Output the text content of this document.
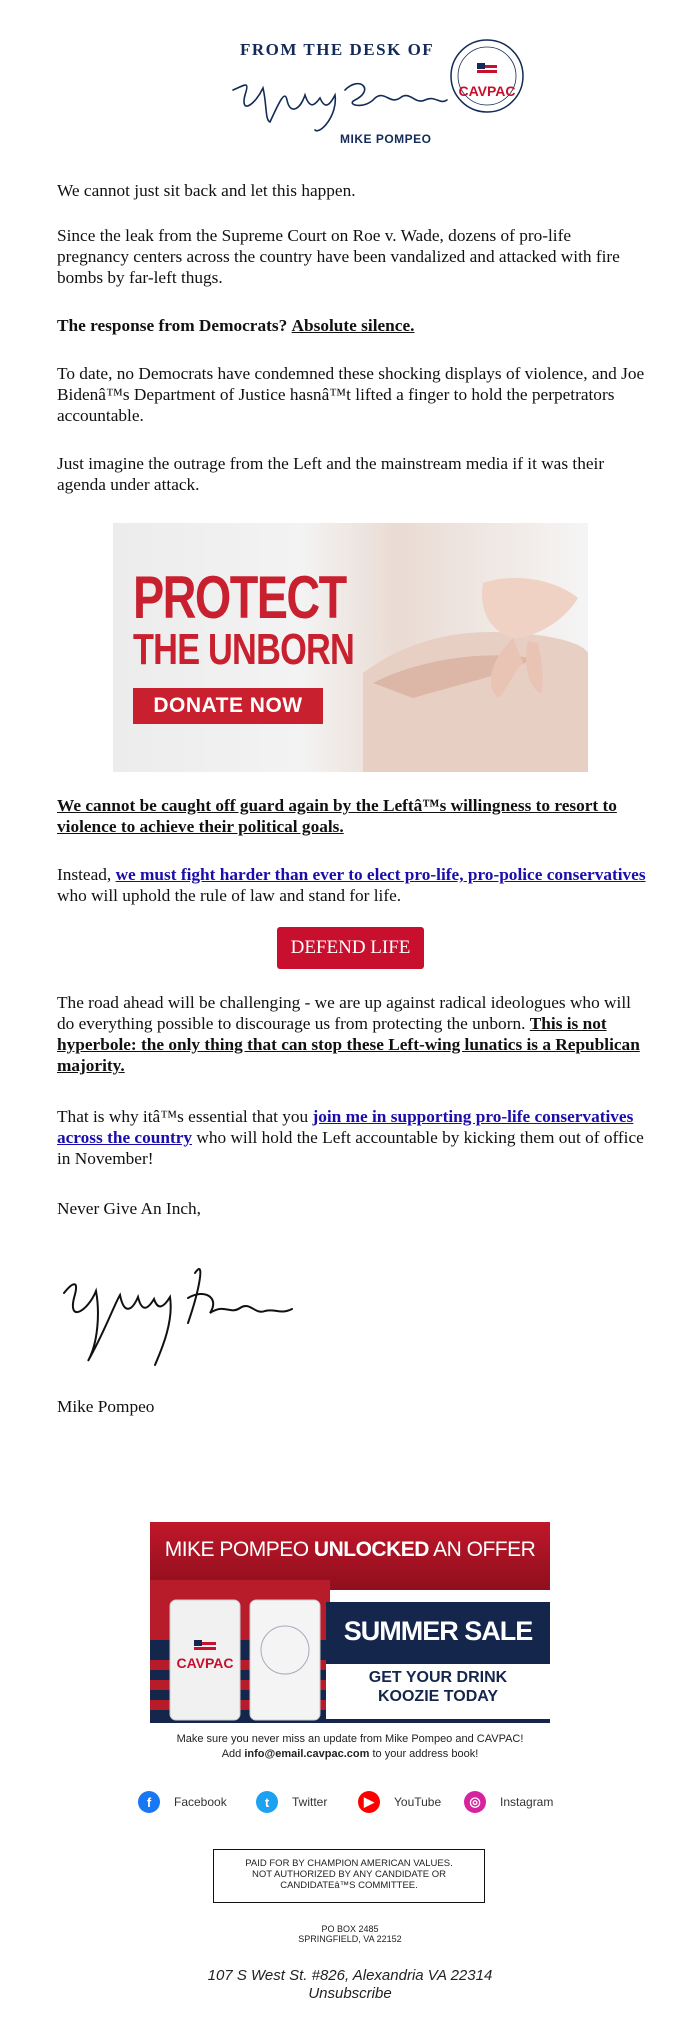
FROM THE DESK OF
MIKE POMPEO
CAVPAC

We cannot just sit back and let this happen.

Since the leak from the Supreme Court on Roe v. Wade, dozens of pro-life pregnancy centers across the country have been vandalized and attacked with fire bombs by far-left thugs.

The response from Democrats? Absolute silence.

To date, no Democrats have condemned these shocking displays of violence, and Joe Bidenâ™s Department of Justice hasnâ™t lifted a finger to hold the perpetrators accountable.

Just imagine the outrage from the Left and the mainstream media if it was their agenda under attack.

PROTECT
THE UNBORN
DONATE NOW

We cannot be caught off guard again by the Leftâ™s willingness to resort to violence to achieve their political goals.

Instead, we must fight harder than ever to elect pro-life, pro-police conservatives who will uphold the rule of law and stand for life.

DEFEND LIFE

The road ahead will be challenging - we are up against radical ideologues who will do everything possible to discourage us from protecting the unborn. This is not hyperbole: the only thing that can stop these Left-wing lunatics is a Republican majority.

That is why itâ™s essential that you join me in supporting pro-life conservatives across the country who will hold the Left accountable by kicking them out of office in November!

Never Give An Inch,

Mike Pompeo

MIKE POMPEO UNLOCKED AN OFFER
CAVPAC
SUMMER SALE
GET YOUR DRINK
KOOZIE TODAY
Make sure you never miss an update from Mike Pompeo and CAVPAC!
Add info@email.cavpac.com to your address book!
f	Facebook	t	Twitter	▶	YouTube	◎	Instagram
PAID FOR BY CHAMPION AMERICAN VALUES.
NOT AUTHORIZED BY ANY CANDIDATE OR
CANDIDATEâ™S COMMITTEE.
PO BOX 2485
SPRINGFIELD, VA 22152
107 S West St. #826, Alexandria VA 22314
Unsubscribe
